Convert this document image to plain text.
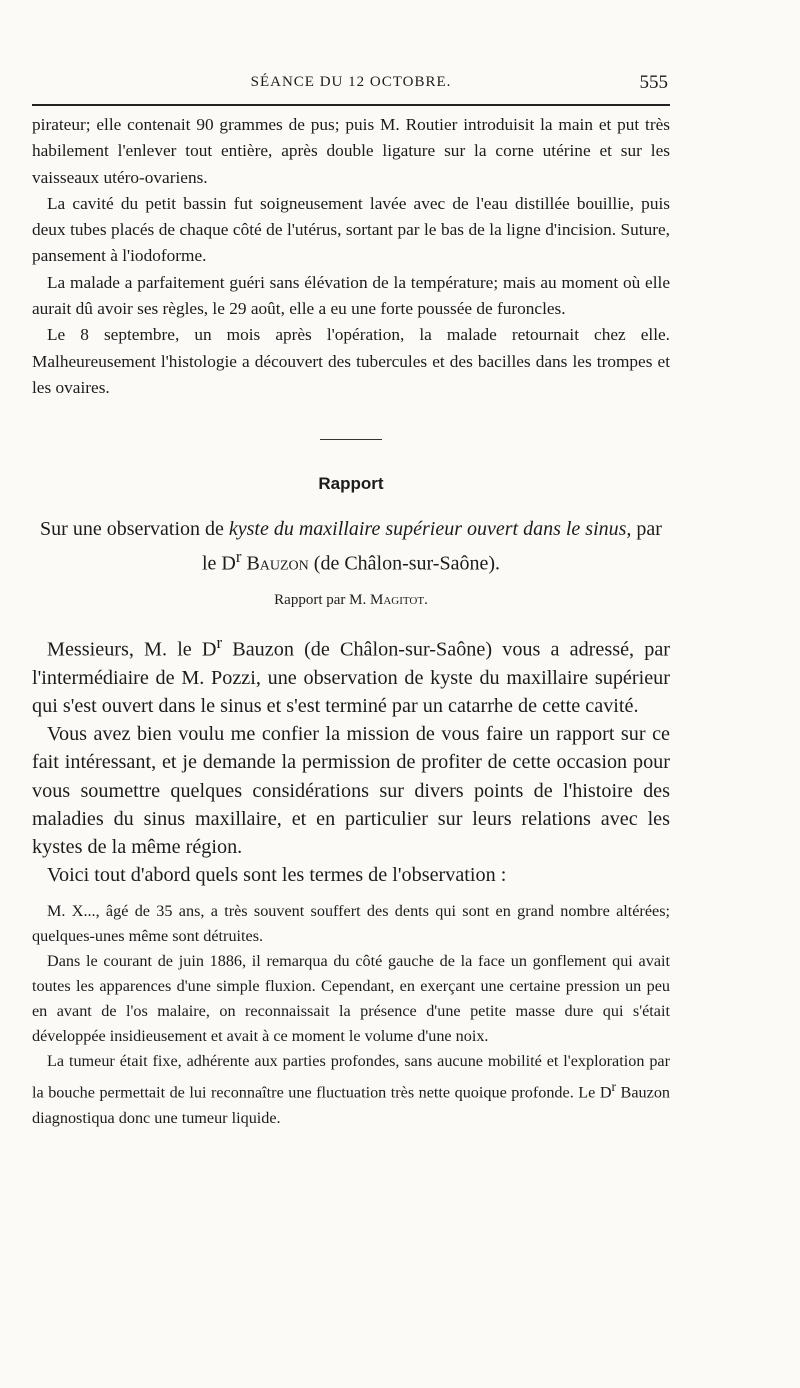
SÉANCE DU 12 OCTOBRE.	555

pirateur; elle contenait 90 grammes de pus; puis M. Routier introduisit la main et put très habilement l'enlever tout entière, après double ligature sur la corne utérine et sur les vaisseaux utéro-ovariens.

La cavité du petit bassin fut soigneusement lavée avec de l'eau distillée bouillie, puis deux tubes placés de chaque côté de l'utérus, sortant par le bas de la ligne d'incision. Suture, pansement à l'iodoforme.

La malade a parfaitement guéri sans élévation de la température; mais au moment où elle aurait dû avoir ses règles, le 29 août, elle a eu une forte poussée de furoncles.

Le 8 septembre, un mois après l'opération, la malade retournait chez elle. Malheureusement l'histologie a découvert des tubercules et des bacilles dans les trompes et les ovaires.

Rapport
Sur une observation de kyste du maxillaire supérieur ouvert dans le sinus, par le $D^r$ Bauzon (de Châlon-sur-Saône).
Rapport par M. Magitot.

Messieurs, M. le $D^r$ Bauzon (de Châlon-sur-Saône) vous a adressé, par l'intermédiaire de M. Pozzi, une observation de kyste du maxillaire supérieur qui s'est ouvert dans le sinus et s'est terminé par un catarrhe de cette cavité.

Vous avez bien voulu me confier la mission de vous faire un rapport sur ce fait intéressant, et je demande la permission de profiter de cette occasion pour vous soumettre quelques considérations sur divers points de l'histoire des maladies du sinus maxillaire, et en particulier sur leurs relations avec les kystes de la même région.

Voici tout d'abord quels sont les termes de l'observation :

M. X..., âgé de 35 ans, a très souvent souffert des dents qui sont en grand nombre altérées; quelques-unes même sont détruites.

Dans le courant de juin 1886, il remarqua du côté gauche de la face un gonflement qui avait toutes les apparences d'une simple fluxion. Cependant, en exerçant une certaine pression un peu en avant de l'os malaire, on reconnaissait la présence d'une petite masse dure qui s'était développée insidieusement et avait à ce moment le volume d'une noix.

La tumeur était fixe, adhérente aux parties profondes, sans aucune mobilité et l'exploration par la bouche permettait de lui reconnaître une fluctuation très nette quoique profonde. Le $D^r$ Bauzon diagnostiqua donc une tumeur liquide.
